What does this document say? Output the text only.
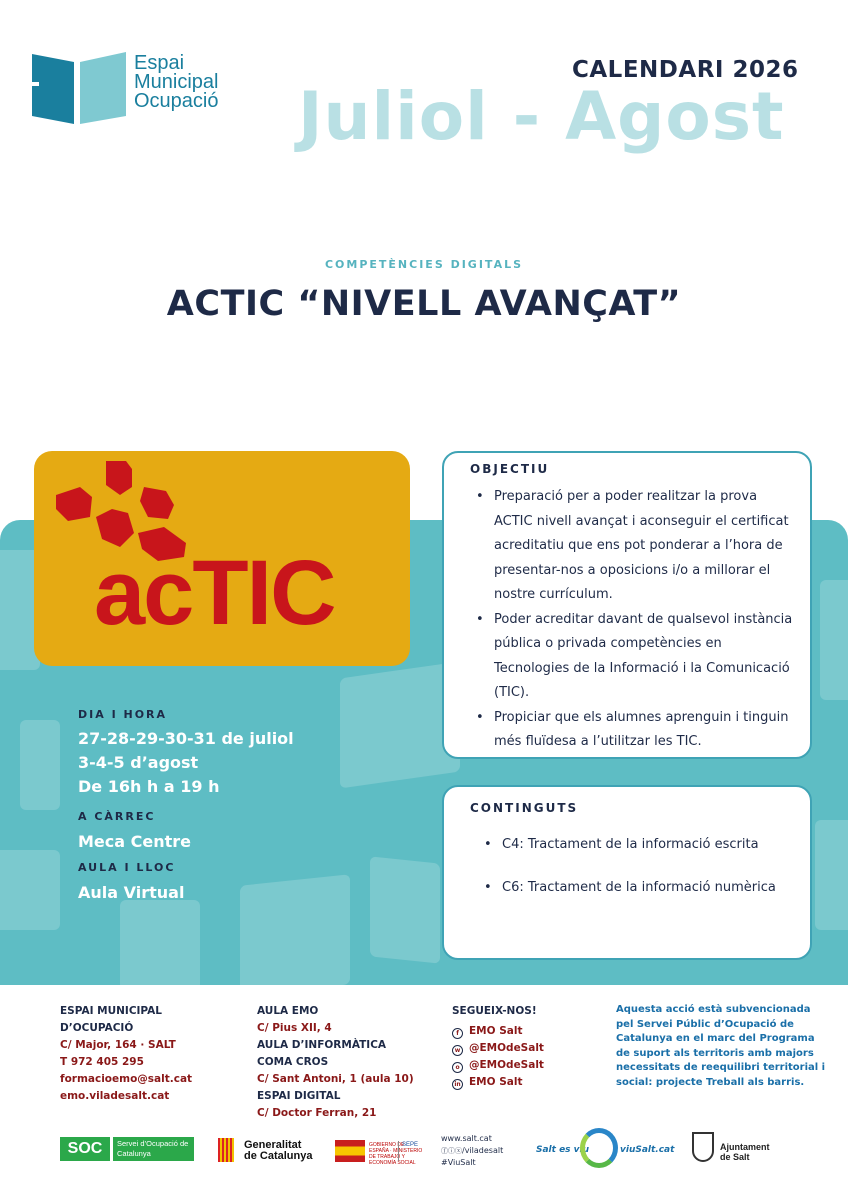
Espai
Municipal
Ocupació
CALENDARI 2026
Juliol - Agost
COMPETÈNCIES DIGITALS
ACTIC “NIVELL AVANÇAT”
acTIC
DIA I HORA
27-28-29-30-31 de juliol
3-4-5 d’agost
De 16h h a 19 h
A CÀRREC
Meca Centre
AULA I LLOC
Aula Virtual
OBJECTIU
• Preparació per a poder realitzar la prova ACTIC nivell avançat i aconseguir el certificat acreditatiu que ens pot ponderar a l’hora de presentar-nos a oposicions i/o a millorar el nostre currículum.
• Poder acreditar davant de qualsevol instància pública o privada competències en Tecnologies de la Informació i la Comunicació (TIC).
• Propiciar que els alumnes aprenguin i tinguin més fluïdesa a l’utilitzar les TIC.
CONTINGUTS
• C4: Tractament de la informació escrita
• C6: Tractament de la informació numèrica
ESPAI MUNICIPAL
D’OCUPACIÓ
C/ Major, 164 · SALT
T 972 405 295
formacioemo@salt.cat
emo.viladesalt.cat
AULA EMO
C/ Pius XII, 4
AULA D’INFORMÀTICA
COMA CROS
C/ Sant Antoni, 1 (aula 10)
ESPAI DIGITAL
C/ Doctor Ferran, 21
SEGUEIX-NOS!
f EMO Salt
w @EMOdeSalt
o @EMOdeSalt
in EMO Salt
Aquesta acció està subvencionada pel Servei Públic d’Ocupació de Catalunya en el marc del Programa de suport als territoris amb majors necessitats de reequilibri territorial i social: projecte Treball als barris.
SOC	Servei d’Ocupació de Catalunya
Generalitat
de Catalunya
GOBIERNO DE ESPAÑA · MINISTERIO DE TRABAJO Y ECONOMÍA SOCIAL
SEPE
www.salt.cat
ⓕⓘⓧ/viladesalt
#ViuSalt
Salt es viu	viuSalt.cat	Ajuntament
de Salt
